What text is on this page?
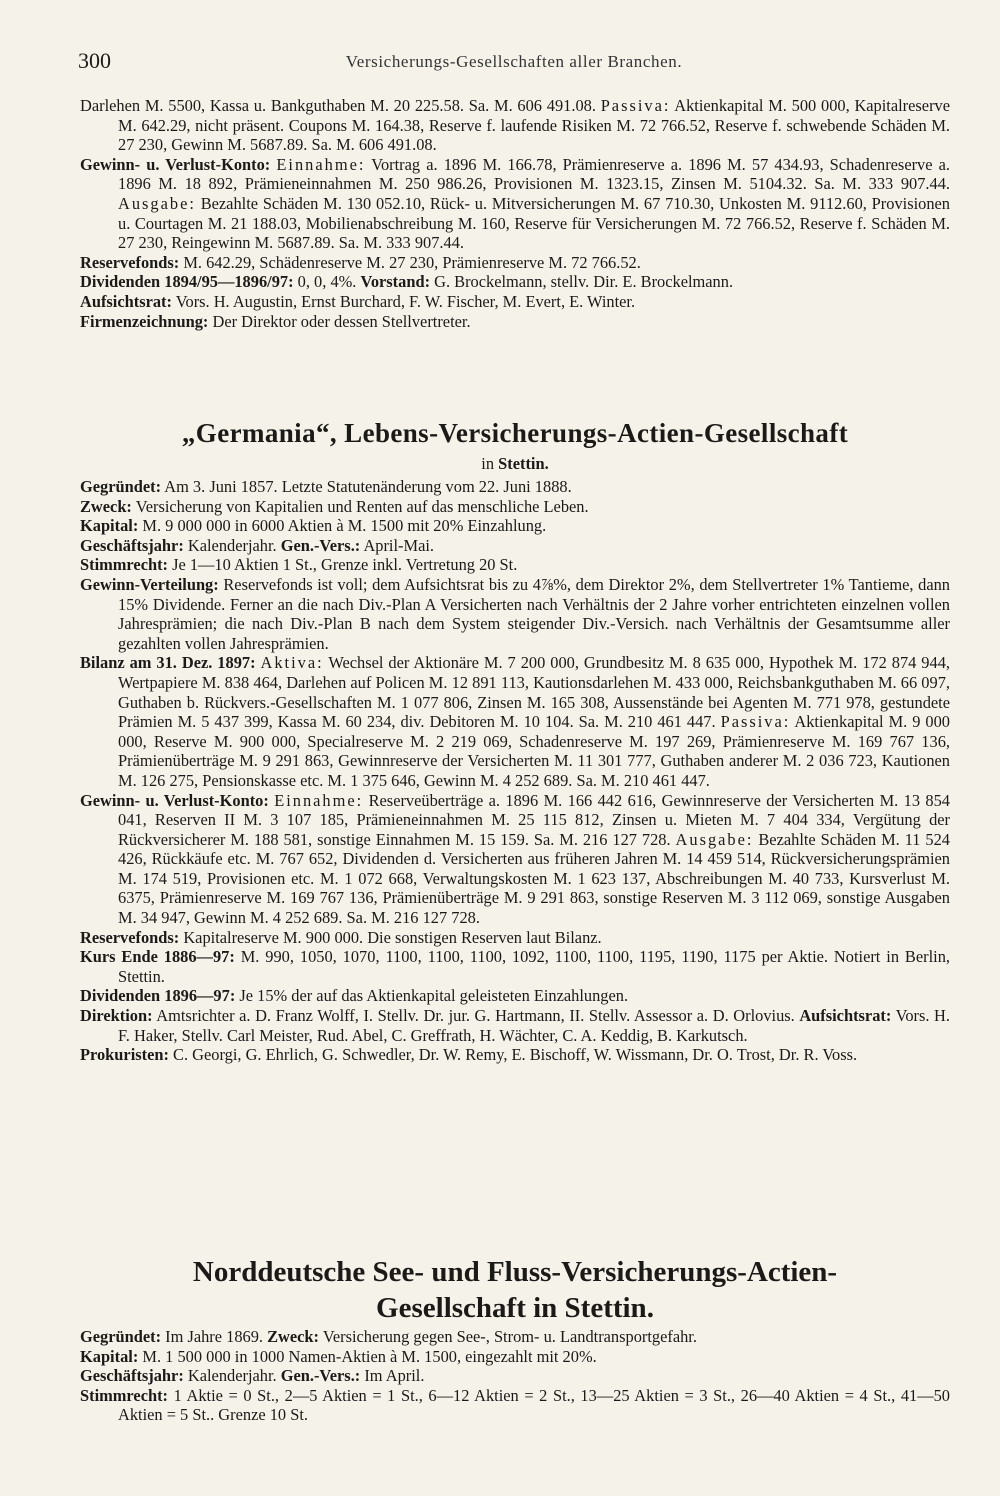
300	Versicherungs-Gesellschaften aller Branchen.

Darlehen M. 5500, Kassa u. Bankguthaben M. 20 225.58. Sa. M. 606 491.08. Passiva: Aktienkapital M. 500 000, Kapitalreserve M. 642.29, nicht präsent. Coupons M. 164.38, Reserve f. laufende Risiken M. 72 766.52, Reserve f. schwebende Schäden M. 27 230, Gewinn M. 5687.89. Sa. M. 606 491.08.

Gewinn- u. Verlust-Konto: Einnahme: Vortrag a. 1896 M. 166.78, Prämienreserve a. 1896 M. 57 434.93, Schadenreserve a. 1896 M. 18 892, Prämieneinnahmen M. 250 986.26, Provisionen M. 1323.15, Zinsen M. 5104.32. Sa. M. 333 907.44. Ausgabe: Bezahlte Schäden M. 130 052.10, Rück- u. Mitversicherungen M. 67 710.30, Unkosten M. 9112.60, Provisionen u. Courtagen M. 21 188.03, Mobilienabschreibung M. 160, Reserve für Versicherungen M. 72 766.52, Reserve f. Schäden M. 27 230, Reingewinn M. 5687.89. Sa. M. 333 907.44.

Reservefonds: M. 642.29, Schädenreserve M. 27 230, Prämienreserve M. 72 766.52.

Dividenden 1894/95—1896/97: 0, 0, 4%. Vorstand: G. Brockelmann, stellv. Dir. E. Brockelmann.

Aufsichtsrat: Vors. H. Augustin, Ernst Burchard, F. W. Fischer, M. Evert, E. Winter.

Firmenzeichnung: Der Direktor oder dessen Stellvertreter.

„Germania“, Lebens-Versicherungs-Actien-Gesellschaft
in Stettin.

Gegründet: Am 3. Juni 1857. Letzte Statutenänderung vom 22. Juni 1888.

Zweck: Versicherung von Kapitalien und Renten auf das menschliche Leben.

Kapital: M. 9 000 000 in 6000 Aktien à M. 1500 mit 20% Einzahlung.

Geschäftsjahr: Kalenderjahr. Gen.-Vers.: April-Mai.

Stimmrecht: Je 1—10 Aktien 1 St., Grenze inkl. Vertretung 20 St.

Gewinn-Verteilung: Reservefonds ist voll; dem Aufsichtsrat bis zu 4⅞%, dem Direktor 2%, dem Stellvertreter 1% Tantieme, dann 15% Dividende. Ferner an die nach Div.-Plan A Versicherten nach Verhältnis der 2 Jahre vorher entrichteten einzelnen vollen Jahresprämien; die nach Div.-Plan B nach dem System steigender Div.-Versich. nach Verhältnis der Gesamtsumme aller gezahlten vollen Jahresprämien.

Bilanz am 31. Dez. 1897: Aktiva: Wechsel der Aktionäre M. 7 200 000, Grundbesitz M. 8 635 000, Hypothek M. 172 874 944, Wertpapiere M. 838 464, Darlehen auf Policen M. 12 891 113, Kautionsdarlehen M. 433 000, Reichsbankguthaben M. 66 097, Guthaben b. Rückvers.-Gesellschaften M. 1 077 806, Zinsen M. 165 308, Aussenstände bei Agenten M. 771 978, gestundete Prämien M. 5 437 399, Kassa M. 60 234, div. Debitoren M. 10 104. Sa. M. 210 461 447. Passiva: Aktienkapital M. 9 000 000, Reserve M. 900 000, Specialreserve M. 2 219 069, Schadenreserve M. 197 269, Prämienreserve M. 169 767 136, Prämienüberträge M. 9 291 863, Gewinnreserve der Versicherten M. 11 301 777, Guthaben anderer M. 2 036 723, Kautionen M. 126 275, Pensionskasse etc. M. 1 375 646, Gewinn M. 4 252 689. Sa. M. 210 461 447.

Gewinn- u. Verlust-Konto: Einnahme: Reserveüberträge a. 1896 M. 166 442 616, Gewinnreserve der Versicherten M. 13 854 041, Reserven II M. 3 107 185, Prämieneinnahmen M. 25 115 812, Zinsen u. Mieten M. 7 404 334, Vergütung der Rückversicherer M. 188 581, sonstige Einnahmen M. 15 159. Sa. M. 216 127 728. Ausgabe: Bezahlte Schäden M. 11 524 426, Rückkäufe etc. M. 767 652, Dividenden d. Versicherten aus früheren Jahren M. 14 459 514, Rückversicherungsprämien M. 174 519, Provisionen etc. M. 1 072 668, Verwaltungskosten M. 1 623 137, Abschreibungen M. 40 733, Kursverlust M. 6375, Prämienreserve M. 169 767 136, Prämienüberträge M. 9 291 863, sonstige Reserven M. 3 112 069, sonstige Ausgaben M. 34 947, Gewinn M. 4 252 689. Sa. M. 216 127 728.

Reservefonds: Kapitalreserve M. 900 000. Die sonstigen Reserven laut Bilanz.

Kurs Ende 1886—97: M. 990, 1050, 1070, 1100, 1100, 1100, 1092, 1100, 1100, 1195, 1190, 1175 per Aktie. Notiert in Berlin, Stettin.

Dividenden 1896—97: Je 15% der auf das Aktienkapital geleisteten Einzahlungen.

Direktion: Amtsrichter a. D. Franz Wolff, I. Stellv. Dr. jur. G. Hartmann, II. Stellv. Assessor a. D. Orlovius. Aufsichtsrat: Vors. H. F. Haker, Stellv. Carl Meister, Rud. Abel, C. Greffrath, H. Wächter, C. A. Keddig, B. Karkutsch.

Prokuristen: C. Georgi, G. Ehrlich, G. Schwedler, Dr. W. Remy, E. Bischoff, W. Wissmann, Dr. O. Trost, Dr. R. Voss.

Norddeutsche See- und Fluss-Versicherungs-Actien-
Gesellschaft in Stettin.

Gegründet: Im Jahre 1869. Zweck: Versicherung gegen See-, Strom- u. Landtransportgefahr.

Kapital: M. 1 500 000 in 1000 Namen-Aktien à M. 1500, eingezahlt mit 20%.

Geschäftsjahr: Kalenderjahr. Gen.-Vers.: Im April.

Stimmrecht: 1 Aktie = 0 St., 2—5 Aktien = 1 St., 6—12 Aktien = 2 St., 13—25 Aktien = 3 St., 26—40 Aktien = 4 St., 41—50 Aktien = 5 St.. Grenze 10 St.
